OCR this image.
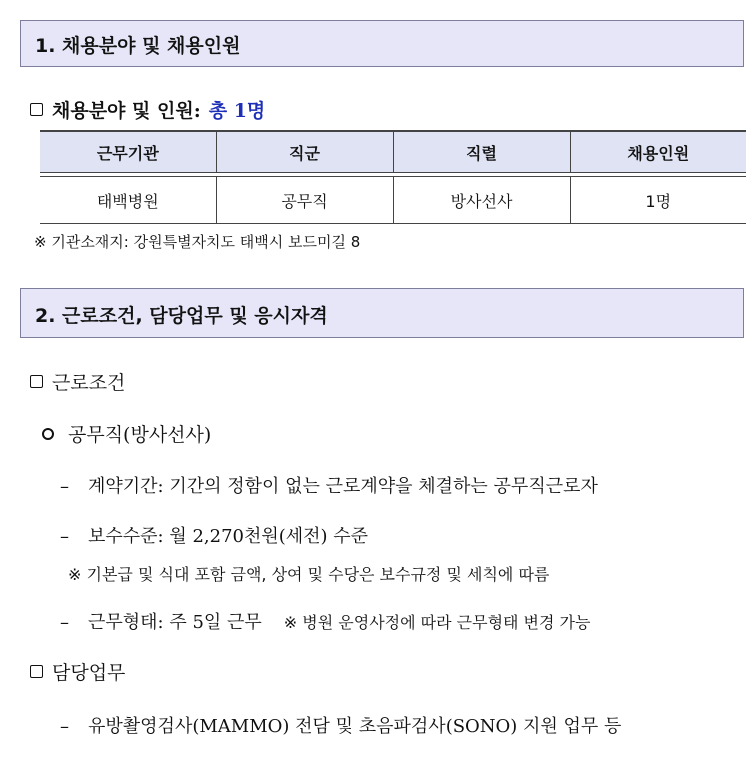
1. 채용분야 및 채용인원
채용분야 및 인원: 총 1명
근무기관	직군	직렬	채용인원

태백병원	공무직	방사선사	1명
※ 기관소재지: 강원특별자치도 태백시 보드미길 8
2. 근로조건, 담당업무 및 응시자격
근로조건
공무직(방사선사)
– 계약기간: 기간의 정함이 없는 근로계약을 체결하는 공무직근로자
– 보수수준: 월 2,270천원(세전) 수준
※ 기본급 및 식대 포함 금액, 상여 및 수당은 보수규정 및 세칙에 따름
– 근무형태: 주 5일 근무 ※ 병원 운영사정에 따라 근무형태 변경 가능
담당업무
– 유방촬영검사(MAMMO) 전담 및 초음파검사(SONO) 지원 업무 등
